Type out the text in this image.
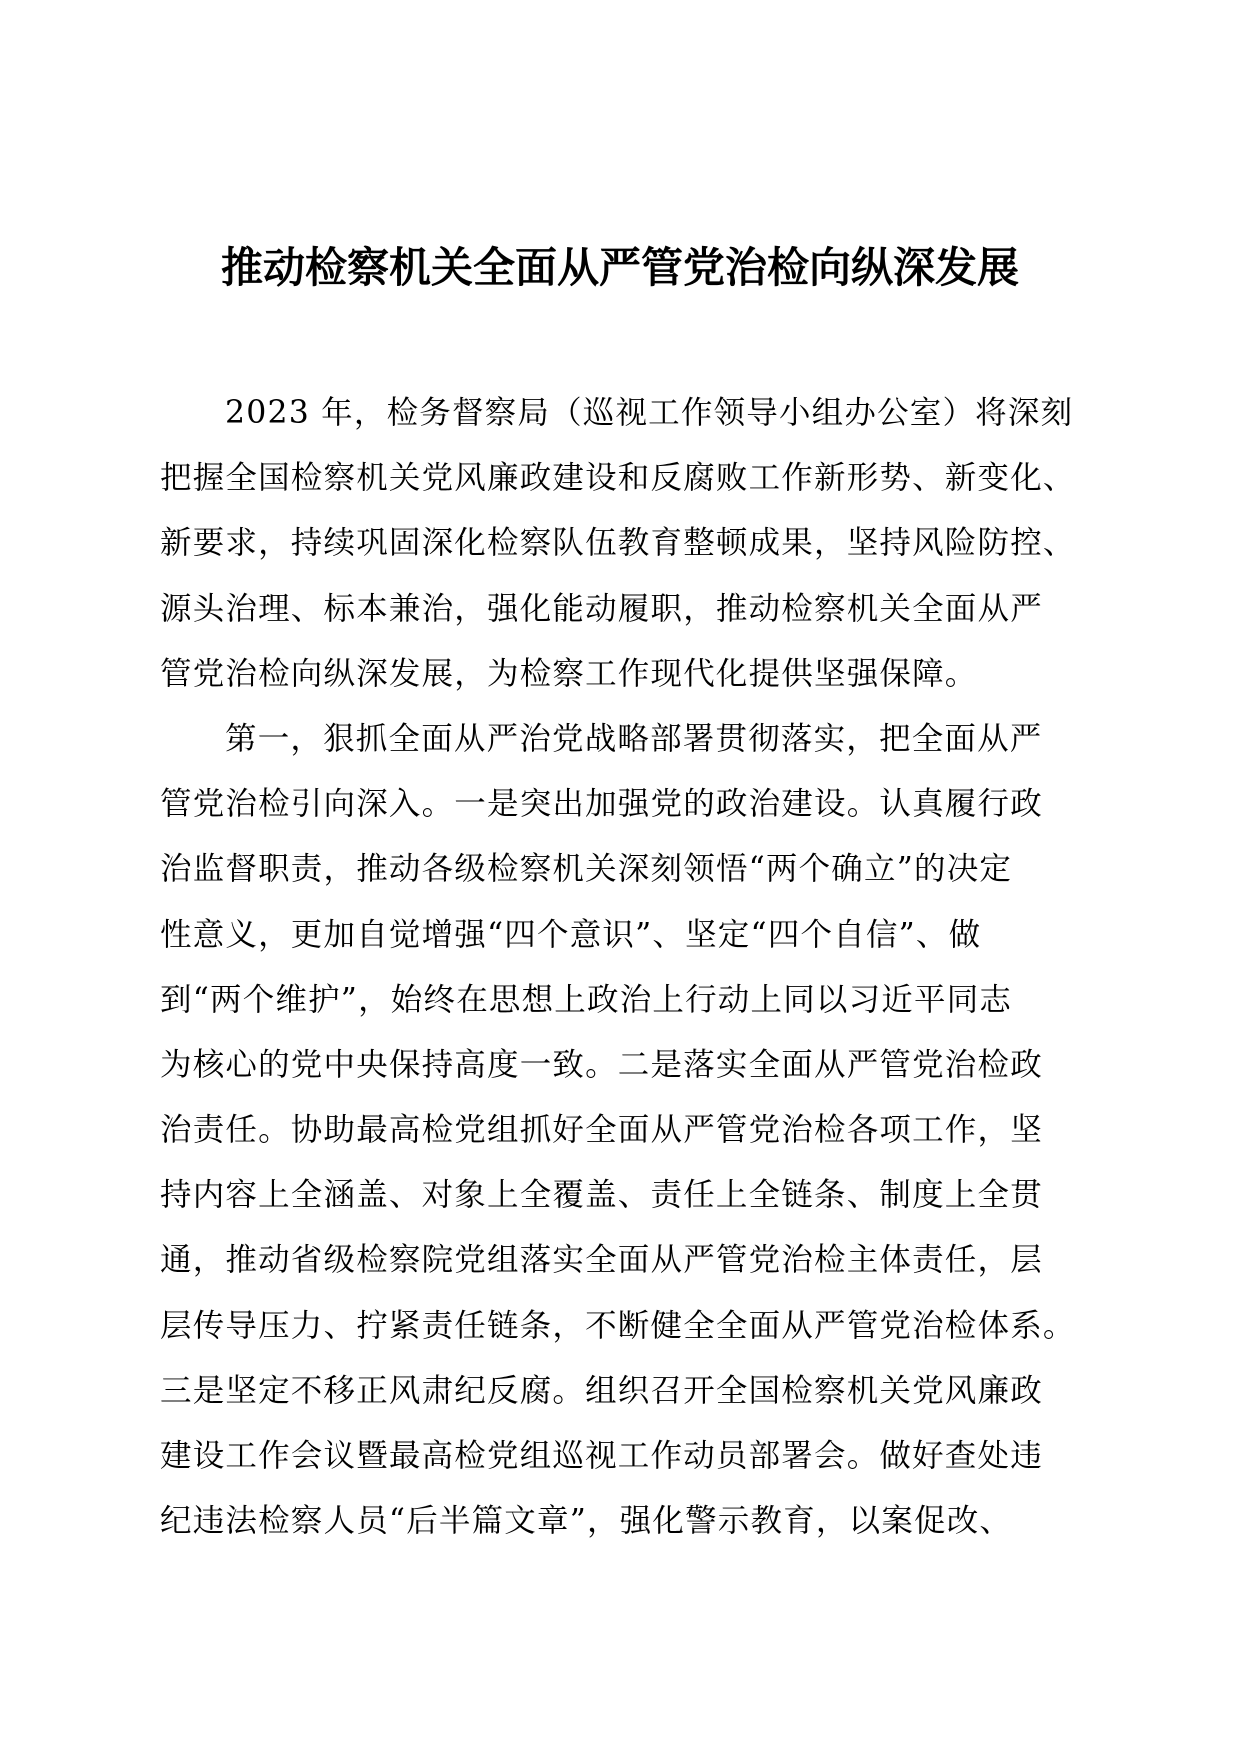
推动检察机关全面从严管党治检向纵深发展
2023 年，检务督察局（巡视工作领导小组办公室）将深刻
把握全国检察机关党风廉政建设和反腐败工作新形势、新变化、
新要求，持续巩固深化检察队伍教育整顿成果，坚持风险防控、
源头治理、标本兼治，强化能动履职，推动检察机关全面从严
管党治检向纵深发展，为检察工作现代化提供坚强保障。
第一，狠抓全面从严治党战略部署贯彻落实，把全面从严
管党治检引向深入。一是突出加强党的政治建设。认真履行政
治监督职责，推动各级检察机关深刻领悟“两个确立”的决定
性意义，更加自觉增强“四个意识”、坚定“四个自信”、做
到“两个维护”，始终在思想上政治上行动上同以习近平同志
为核心的党中央保持高度一致。二是落实全面从严管党治检政
治责任。协助最高检党组抓好全面从严管党治检各项工作，坚
持内容上全涵盖、对象上全覆盖、责任上全链条、制度上全贯
通，推动省级检察院党组落实全面从严管党治检主体责任，层
层传导压力、拧紧责任链条，不断健全全面从严管党治检体系。
三是坚定不移正风肃纪反腐。组织召开全国检察机关党风廉政
建设工作会议暨最高检党组巡视工作动员部署会。做好查处违
纪违法检察人员“后半篇文章”，强化警示教育，以案促改、
